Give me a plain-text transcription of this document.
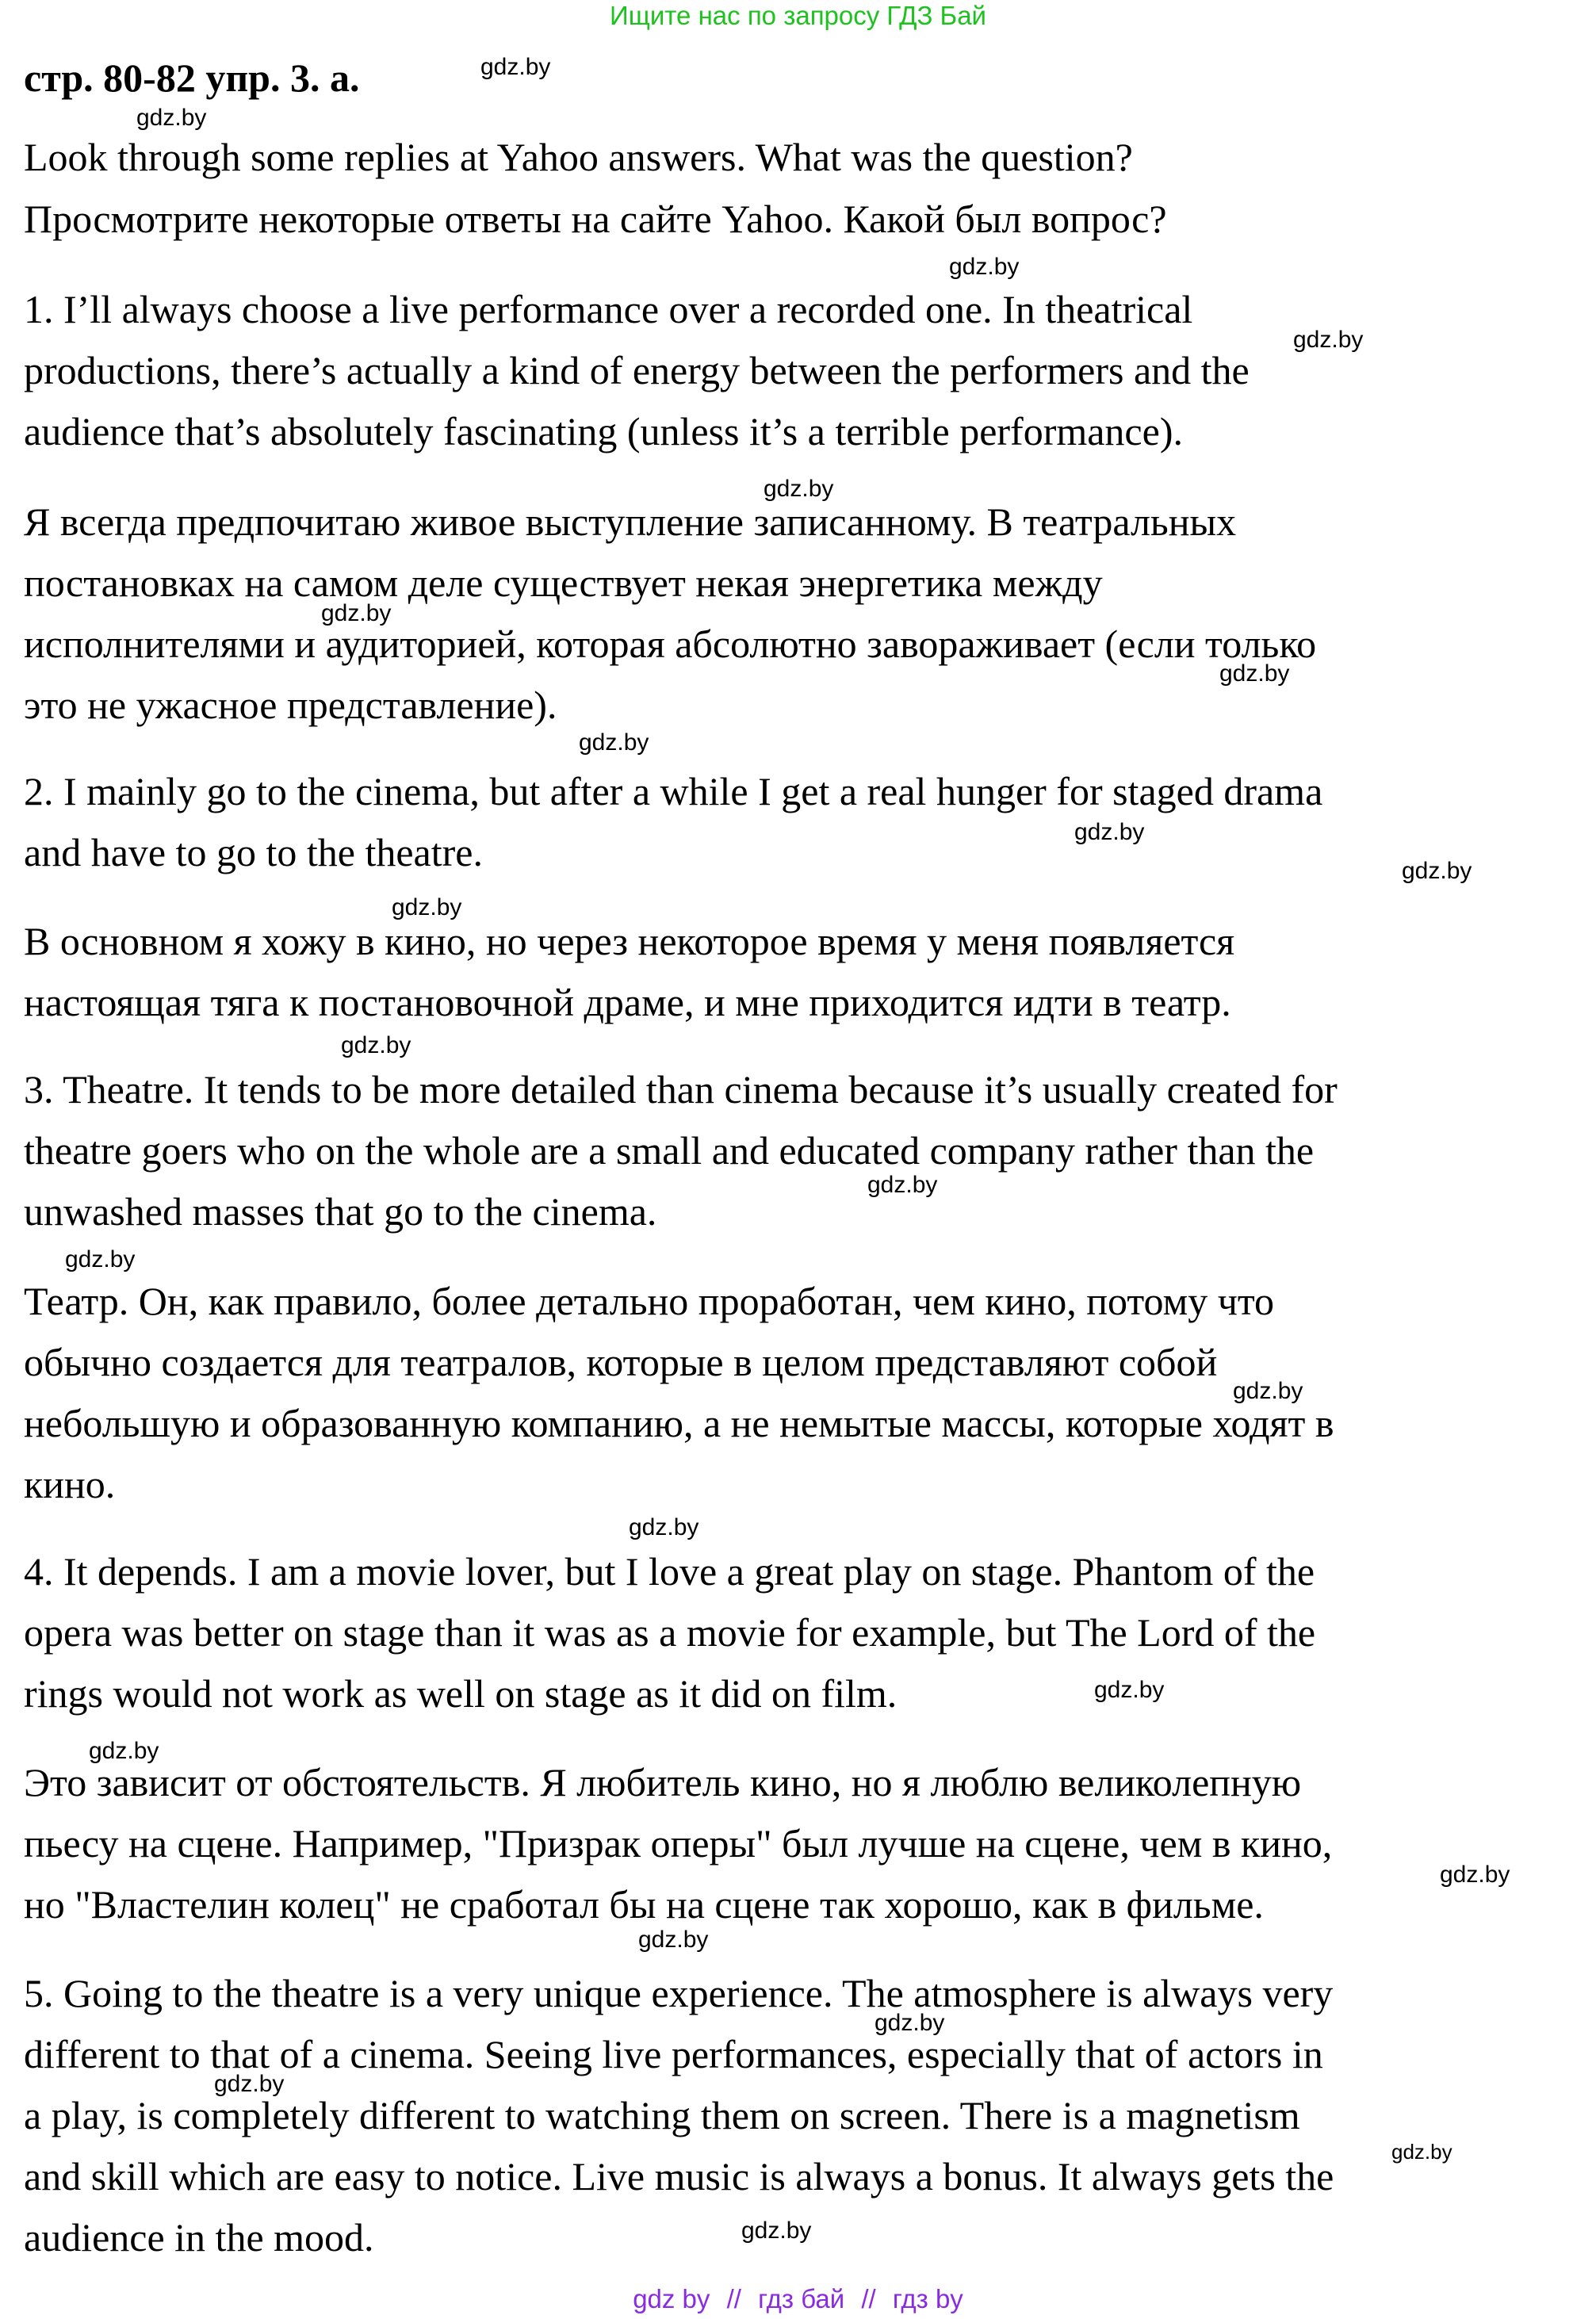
Ищите нас по запросу ГДЗ Бай
стр. 80-82 упр. 3. а.
Look through some replies at Yahoo answers. What was the question?
Просмотрите некоторые ответы на сайте Yahoo. Какой был вопрос?
1. I’ll always choose a live performance over a recorded one. In theatrical
productions, there’s actually a kind of energy between the performers and the
audience that’s absolutely fascinating (unless it’s a terrible performance).
Я всегда предпочитаю живое выступление записанному. В театральных
постановках на самом деле существует некая энергетика между
исполнителями и аудиторией, которая абсолютно завораживает (если только
это не ужасное представление).
2. I mainly go to the cinema, but after a while I get a real hunger for staged drama
and have to go to the theatre.
В основном я хожу в кино, но через некоторое время у меня появляется
настоящая тяга к постановочной драме, и мне приходится идти в театр.
3. Theatre. It tends to be more detailed than cinema because it’s usually created for
theatre goers who on the whole are a small and educated company rather than the
unwashed masses that go to the cinema.
Театр. Он, как правило, более детально проработан, чем кино, потому что
обычно создается для театралов, которые в целом представляют собой
небольшую и образованную компанию, а не немытые массы, которые ходят в
кино.
4. It depends. I am a movie lover, but I love a great play on stage. Phantom of the
opera was better on stage than it was as a movie for example, but The Lord of the
rings would not work as well on stage as it did on film.
Это зависит от обстоятельств. Я любитель кино, но я люблю великолепную
пьесу на сцене. Например, "Призрак оперы" был лучше на сцене, чем в кино,
но "Властелин колец" не сработал бы на сцене так хорошо, как в фильме.
5. Going to the theatre is a very unique experience. The atmosphere is always very
different to that of a cinema. Seeing live performances, especially that of actors in
a play, is completely different to watching them on screen. There is a magnetism
and skill which are easy to notice. Live music is always a bonus. It always gets the
audience in the mood.
gdz.by
gdz.by
gdz.by
gdz.by
gdz.by
gdz.by
gdz.by
gdz.by
gdz.by
gdz.by
gdz.by
gdz.by
gdz.by
gdz.by
gdz.by
gdz.by
gdz.by
gdz.by
gdz.by
gdz.by
gdz.by
gdz.by
gdz.by
gdz.by
gdz by // гдз бай // гдз by
